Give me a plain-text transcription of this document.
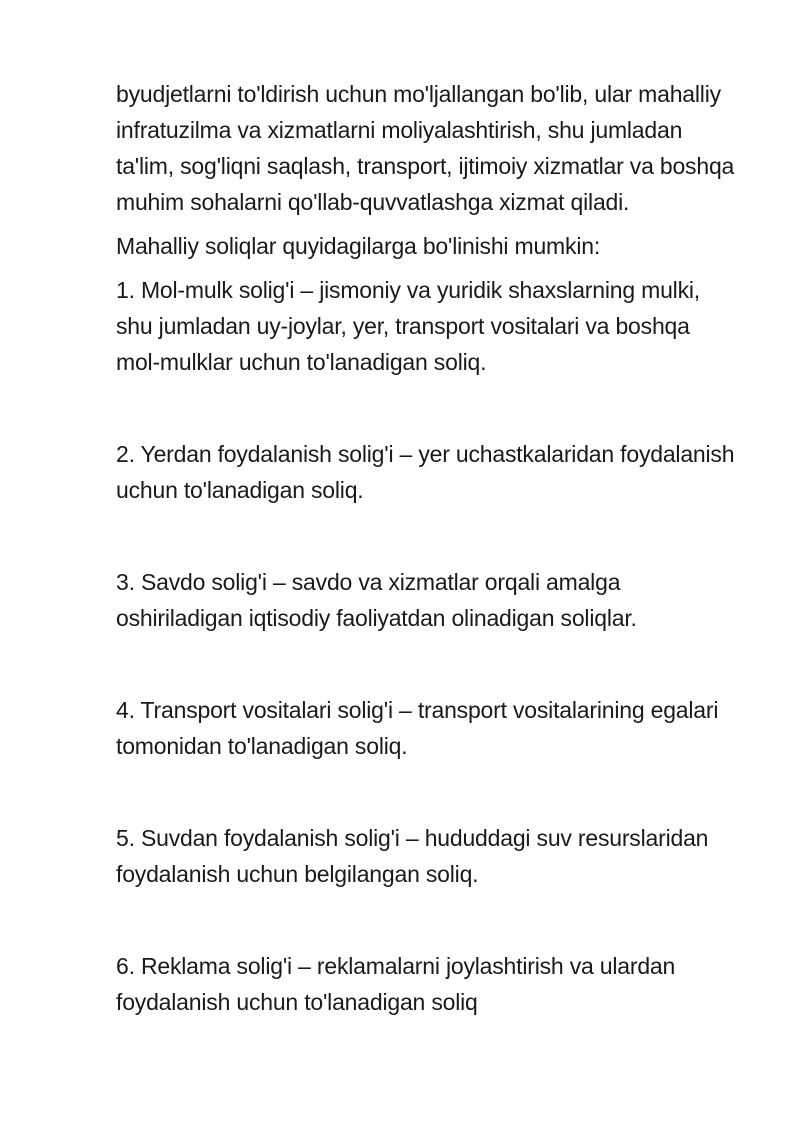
byudjetlarni to'ldirish uchun mo'ljallangan bo'lib, ular mahalliy infratuzilma va xizmatlarni moliyalashtirish, shu jumladan ta'lim, sog'liqni saqlash, transport, ijtimoiy xizmatlar va boshqa muhim sohalarni qo'llab-quvvatlashga xizmat qiladi.

Mahalliy soliqlar quyidagilarga bo'linishi mumkin:

1. Mol-mulk solig'i – jismoniy va yuridik shaxslarning mulki, shu jumladan uy-joylar, yer, transport vositalari va boshqa mol-mulklar uchun to'lanadigan soliq.

2. Yerdan foydalanish solig'i – yer uchastkalaridan foydalanish uchun to'lanadigan soliq.

3. Savdo solig'i – savdo va xizmatlar orqali amalga oshiriladigan iqtisodiy faoliyatdan olinadigan soliqlar.

4. Transport vositalari solig'i – transport vositalarining egalari tomonidan to'lanadigan soliq.

5. Suvdan foydalanish solig'i – hududdagi suv resurslaridan foydalanish uchun belgilangan soliq.

6. Reklama solig'i – reklamalarni joylashtirish va ulardan foydalanish uchun to'lanadigan soliq
